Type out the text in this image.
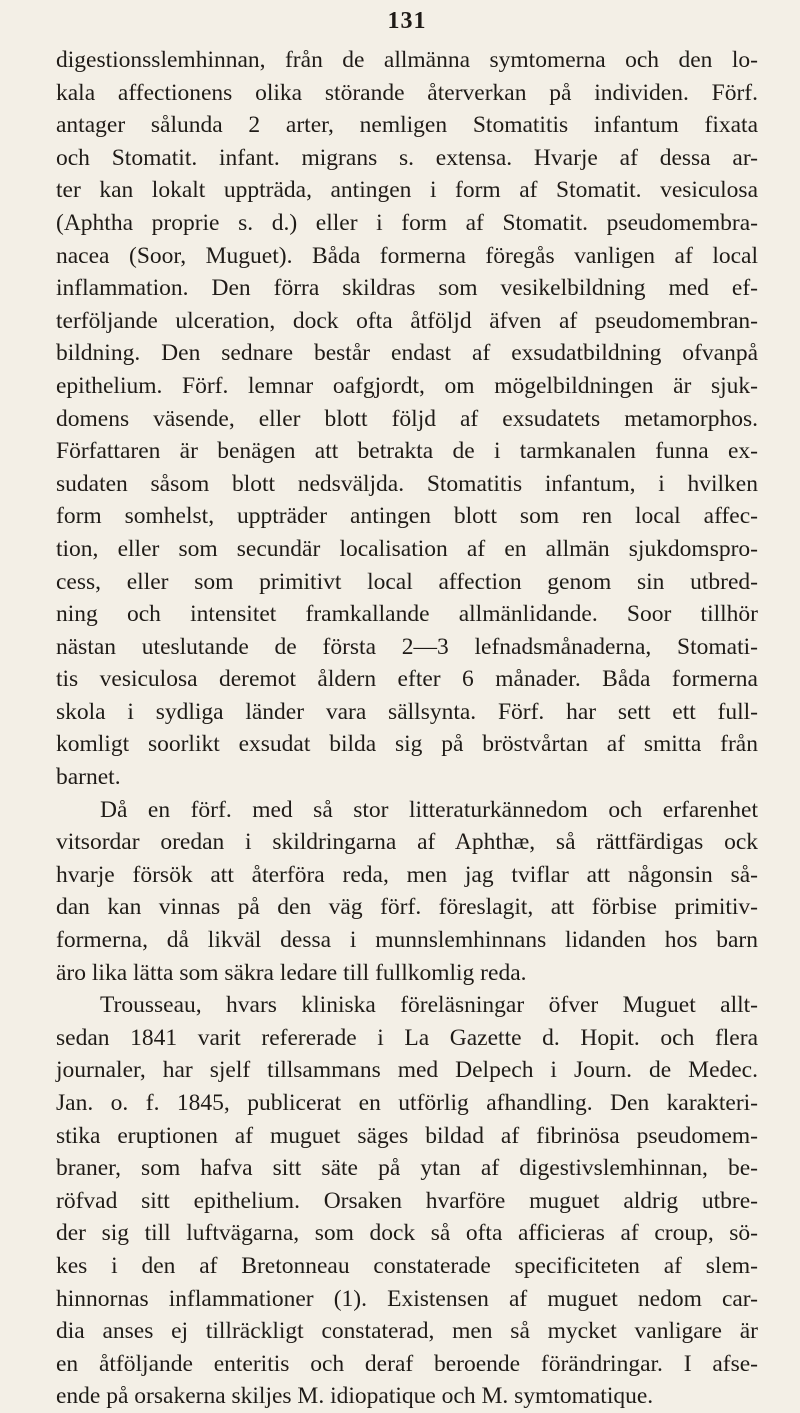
131
digestionsslemhinnan, från de allmänna symtomerna och den lo-
kala affectionens olika störande återverkan på individen. Förf.
antager sålunda 2 arter, nemligen Stomatitis infantum fixata
och Stomatit. infant. migrans s. extensa. Hvarje af dessa ar-
ter kan lokalt uppträda, antingen i form af Stomatit. vesiculosa
(Aphtha proprie s. d.) eller i form af Stomatit. pseudomembra-
nacea (Soor, Muguet). Båda formerna föregås vanligen af local
inflammation. Den förra skildras som vesikelbildning med ef-
terföljande ulceration, dock ofta åtföljd äfven af pseudomembran-
bildning. Den sednare består endast af exsudatbildning ofvanpå
epithelium. Förf. lemnar oafgjordt, om mögelbildningen är sjuk-
domens väsende, eller blott följd af exsudatets metamorphos.
Författaren är benägen att betrakta de i tarmkanalen funna ex-
sudaten såsom blott nedsväljda. Stomatitis infantum, i hvilken
form somhelst, uppträder antingen blott som ren local affec-
tion, eller som secundär localisation af en allmän sjukdomspro-
cess, eller som primitivt local affection genom sin utbred-
ning och intensitet framkallande allmänlidande. Soor tillhör
nästan uteslutande de första 2—3 lefnadsmånaderna, Stomati-
tis vesiculosa deremot åldern efter 6 månader. Båda formerna
skola i sydliga länder vara sällsynta. Förf. har sett ett full-
komligt soorlikt exsudat bilda sig på bröstvårtan af smitta från
barnet.
Då en förf. med så stor litteraturkännedom och erfarenhet
vitsordar oredan i skildringarna af Aphthæ, så rättfärdigas ock
hvarje försök att återföra reda, men jag tviflar att någonsin så-
dan kan vinnas på den väg förf. föreslagit, att förbise primitiv-
formerna, då likväl dessa i munnslemhinnans lidanden hos barn
äro lika lätta som säkra ledare till fullkomlig reda.
Trousseau, hvars kliniska föreläsningar öfver Muguet allt-
sedan 1841 varit refererade i La Gazette d. Hopit. och flera
journaler, har sjelf tillsammans med Delpech i Journ. de Medec.
Jan. o. f. 1845, publicerat en utförlig afhandling. Den karakteri-
stika eruptionen af muguet säges bildad af fibrinösa pseudomem-
braner, som hafva sitt säte på ytan af digestivslemhinnan, be-
röfvad sitt epithelium. Orsaken hvarföre muguet aldrig utbre-
der sig till luftvägarna, som dock så ofta afficieras af croup, sö-
kes i den af Bretonneau constaterade specificiteten af slem-
hinnornas inflammationer (1). Existensen af muguet nedom car-
dia anses ej tillräckligt constaterad, men så mycket vanligare är
en åtföljande enteritis och deraf beroende förändringar. I afse-
ende på orsakerna skiljes M. idiopatique och M. symtomatique.
